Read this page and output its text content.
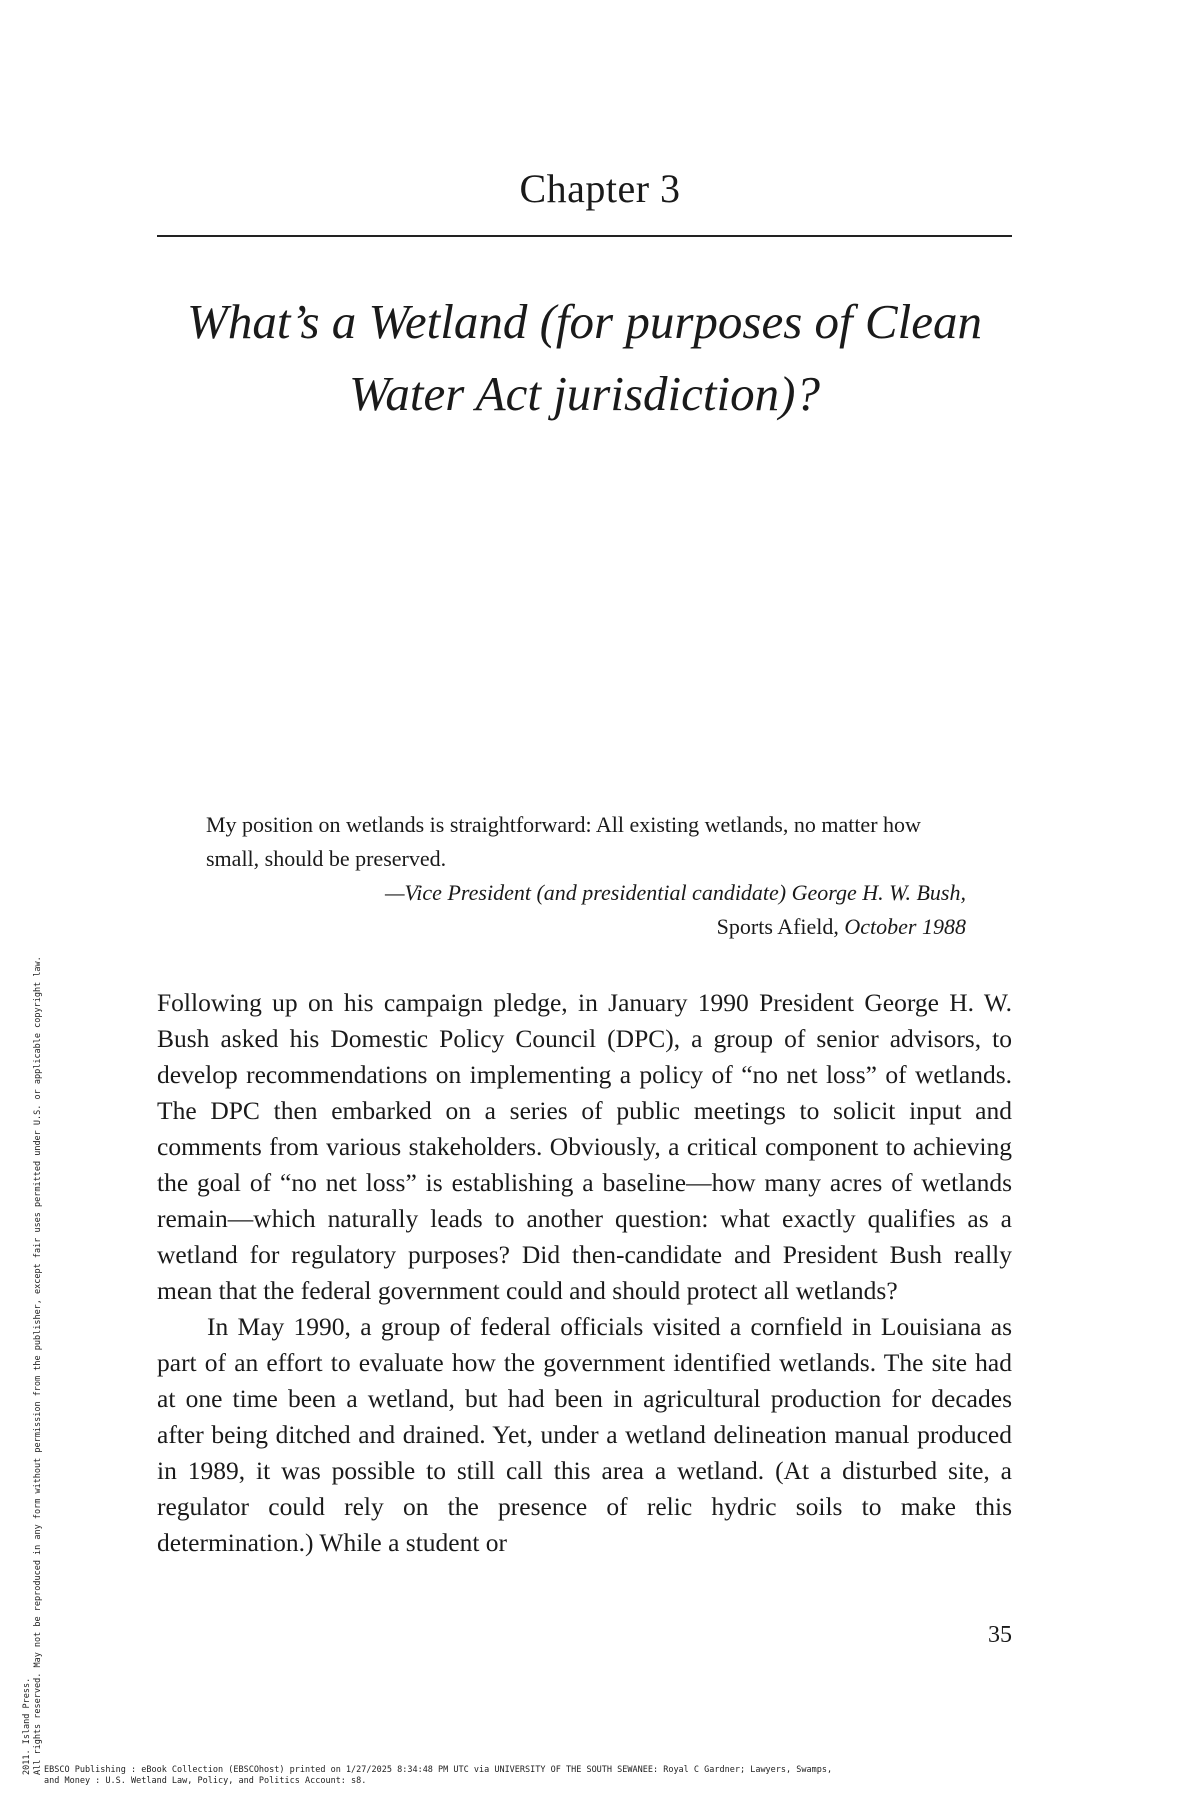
Chapter 3
What’s a Wetland (for purposes of Clean Water Act jurisdiction)?
My position on wetlands is straightforward: All existing wetlands, no matter how small, should be preserved.
—Vice President (and presidential candidate) George H. W. Bush,
Sports Afield, October 1988

Following up on his campaign pledge, in January 1990 President George H. W. Bush asked his Domestic Policy Council (DPC), a group of senior advisors, to develop recommendations on implementing a policy of “no net loss” of wetlands. The DPC then embarked on a series of public meetings to solicit input and comments from various stakeholders. Obviously, a critical component to achieving the goal of “no net loss” is establishing a baseline—how many acres of wetlands remain—which naturally leads to another question: what exactly qualifies as a wetland for regulatory purposes? Did then-candidate and President Bush really mean that the federal government could and should protect all wetlands?

In May 1990, a group of federal officials visited a cornfield in Louisiana as part of an effort to evaluate how the government identified wetlands. The site had at one time been a wetland, but had been in agricultural production for decades after being ditched and drained. Yet, under a wetland delineation manual produced in 1989, it was possible to still call this area a wetland. (At a disturbed site, a regulator could rely on the presence of relic hydric soils to make this determination.) While a student or

35
2011. Island Press. All rights reserved. May not be reproduced in any form without permission from the publisher, except fair uses permitted under U.S. or applicable copyright law. EBSCO Publishing : eBook Collection (EBSCOhost) printed on 1/27/2025 8:34:48 PM UTC via UNIVERSITY OF THE SOUTH SEWANEE: Royal C Gardner; Lawyers, Swamps,
and Money : U.S. Wetland Law, Policy, and Politics Account: s8.
